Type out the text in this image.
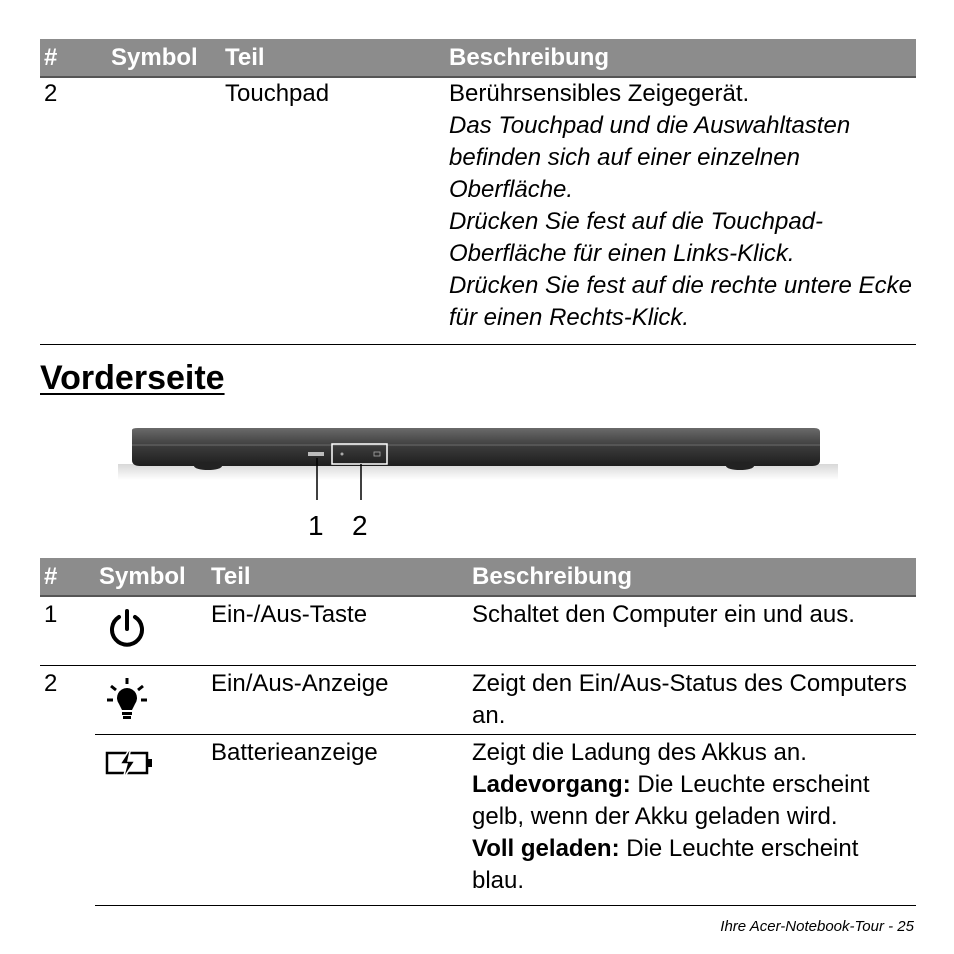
#	Symbol	Teil	Beschreibung
2		Touchpad	Berührsensibles Zeigegerät.
Das Touchpad und die Auswahltasten befinden sich auf einer einzelnen Oberfläche.
Drücken Sie fest auf die Touchpad-Oberfläche für einen Links-Klick.
Drücken Sie fest auf die rechte untere Ecke für einen Rechts-Klick.
Vorderseite
1 2
#	Symbol	Teil	Beschreibung
1		Ein-/Aus-Taste	Schaltet den Computer ein und aus.
2		Ein/Aus-Anzeige	Zeigt den Ein/Aus-Status des Computers an.
	Batterieanzeige	Zeigt die Ladung des Akkus an.
Ladevorgang: Die Leuchte erscheint gelb, wenn der Akku geladen wird.
Voll geladen: Die Leuchte erscheint blau.
Ihre Acer-Notebook-Tour - 25
